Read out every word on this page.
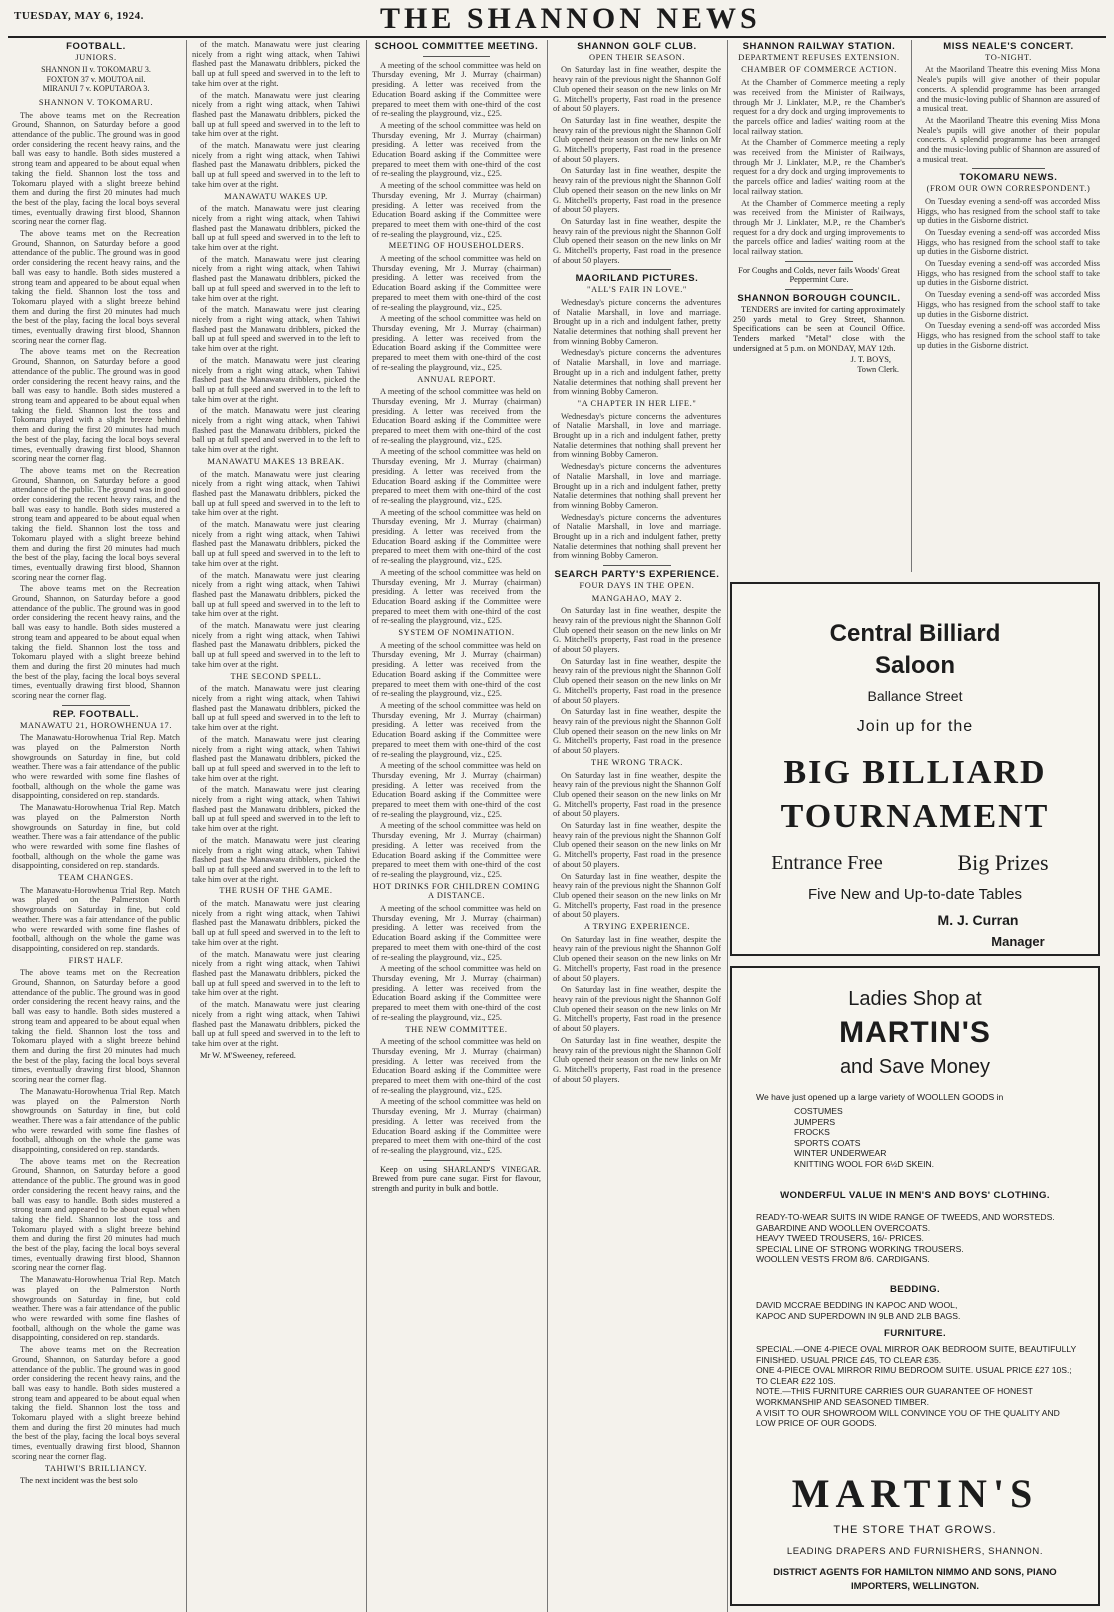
TUESDAY, MAY 6, 1924.	THE SHANNON NEWS
FOOTBALL.
JUNIORS.
SHANNON II v. TOKOMARU 3.
FOXTON 37 v. MOUTOA nil.
MIRANUI 7 v. KOPUTAROA 3.
SHANNON V. TOKOMARU.

The above teams met on the Recreation Ground, Shannon, on Saturday before a good attendance of the public. The ground was in good order considering the recent heavy rains, and the ball was easy to handle. Both sides mustered a strong team and appeared to be about equal when taking the field. Shannon lost the toss and Tokomaru played with a slight breeze behind them and during the first 20 minutes had much the best of the play, facing the local boys several times, eventually drawing first blood, Shannon scoring near the corner flag.

The above teams met on the Recreation Ground, Shannon, on Saturday before a good attendance of the public. The ground was in good order considering the recent heavy rains, and the ball was easy to handle. Both sides mustered a strong team and appeared to be about equal when taking the field. Shannon lost the toss and Tokomaru played with a slight breeze behind them and during the first 20 minutes had much the best of the play, facing the local boys several times, eventually drawing first blood, Shannon scoring near the corner flag.

The above teams met on the Recreation Ground, Shannon, on Saturday before a good attendance of the public. The ground was in good order considering the recent heavy rains, and the ball was easy to handle. Both sides mustered a strong team and appeared to be about equal when taking the field. Shannon lost the toss and Tokomaru played with a slight breeze behind them and during the first 20 minutes had much the best of the play, facing the local boys several times, eventually drawing first blood, Shannon scoring near the corner flag.

The above teams met on the Recreation Ground, Shannon, on Saturday before a good attendance of the public. The ground was in good order considering the recent heavy rains, and the ball was easy to handle. Both sides mustered a strong team and appeared to be about equal when taking the field. Shannon lost the toss and Tokomaru played with a slight breeze behind them and during the first 20 minutes had much the best of the play, facing the local boys several times, eventually drawing first blood, Shannon scoring near the corner flag.

The above teams met on the Recreation Ground, Shannon, on Saturday before a good attendance of the public. The ground was in good order considering the recent heavy rains, and the ball was easy to handle. Both sides mustered a strong team and appeared to be about equal when taking the field. Shannon lost the toss and Tokomaru played with a slight breeze behind them and during the first 20 minutes had much the best of the play, facing the local boys several times, eventually drawing first blood, Shannon scoring near the corner flag.

REP. FOOTBALL.
MANAWATU 21, HOROWHENUA 17.

The Manawatu-Horowhenua Trial Rep. Match was played on the Palmerston North showgrounds on Saturday in fine, but cold weather. There was a fair attendance of the public who were rewarded with some fine flashes of football, although on the whole the game was disappointing, considered on rep. standards.

The Manawatu-Horowhenua Trial Rep. Match was played on the Palmerston North showgrounds on Saturday in fine, but cold weather. There was a fair attendance of the public who were rewarded with some fine flashes of football, although on the whole the game was disappointing, considered on rep. standards.

TEAM CHANGES.

The Manawatu-Horowhenua Trial Rep. Match was played on the Palmerston North showgrounds on Saturday in fine, but cold weather. There was a fair attendance of the public who were rewarded with some fine flashes of football, although on the whole the game was disappointing, considered on rep. standards.

FIRST HALF.

The above teams met on the Recreation Ground, Shannon, on Saturday before a good attendance of the public. The ground was in good order considering the recent heavy rains, and the ball was easy to handle. Both sides mustered a strong team and appeared to be about equal when taking the field. Shannon lost the toss and Tokomaru played with a slight breeze behind them and during the first 20 minutes had much the best of the play, facing the local boys several times, eventually drawing first blood, Shannon scoring near the corner flag.

The Manawatu-Horowhenua Trial Rep. Match was played on the Palmerston North showgrounds on Saturday in fine, but cold weather. There was a fair attendance of the public who were rewarded with some fine flashes of football, although on the whole the game was disappointing, considered on rep. standards.

The above teams met on the Recreation Ground, Shannon, on Saturday before a good attendance of the public. The ground was in good order considering the recent heavy rains, and the ball was easy to handle. Both sides mustered a strong team and appeared to be about equal when taking the field. Shannon lost the toss and Tokomaru played with a slight breeze behind them and during the first 20 minutes had much the best of the play, facing the local boys several times, eventually drawing first blood, Shannon scoring near the corner flag.

The Manawatu-Horowhenua Trial Rep. Match was played on the Palmerston North showgrounds on Saturday in fine, but cold weather. There was a fair attendance of the public who were rewarded with some fine flashes of football, although on the whole the game was disappointing, considered on rep. standards.

The above teams met on the Recreation Ground, Shannon, on Saturday before a good attendance of the public. The ground was in good order considering the recent heavy rains, and the ball was easy to handle. Both sides mustered a strong team and appeared to be about equal when taking the field. Shannon lost the toss and Tokomaru played with a slight breeze behind them and during the first 20 minutes had much the best of the play, facing the local boys several times, eventually drawing first blood, Shannon scoring near the corner flag.

TAHIWI'S BRILLIANCY.

The next incident was the best solo

of the match. Manawatu were just clearing nicely from a right wing attack, when Tahiwi flashed past the Manawatu dribblers, picked the ball up at full speed and swerved in to the left to take him over at the right.

of the match. Manawatu were just clearing nicely from a right wing attack, when Tahiwi flashed past the Manawatu dribblers, picked the ball up at full speed and swerved in to the left to take him over at the right.

of the match. Manawatu were just clearing nicely from a right wing attack, when Tahiwi flashed past the Manawatu dribblers, picked the ball up at full speed and swerved in to the left to take him over at the right.

MANAWATU WAKES UP.

of the match. Manawatu were just clearing nicely from a right wing attack, when Tahiwi flashed past the Manawatu dribblers, picked the ball up at full speed and swerved in to the left to take him over at the right.

of the match. Manawatu were just clearing nicely from a right wing attack, when Tahiwi flashed past the Manawatu dribblers, picked the ball up at full speed and swerved in to the left to take him over at the right.

of the match. Manawatu were just clearing nicely from a right wing attack, when Tahiwi flashed past the Manawatu dribblers, picked the ball up at full speed and swerved in to the left to take him over at the right.

of the match. Manawatu were just clearing nicely from a right wing attack, when Tahiwi flashed past the Manawatu dribblers, picked the ball up at full speed and swerved in to the left to take him over at the right.

of the match. Manawatu were just clearing nicely from a right wing attack, when Tahiwi flashed past the Manawatu dribblers, picked the ball up at full speed and swerved in to the left to take him over at the right.

MANAWATU MAKES 13 BREAK.

of the match. Manawatu were just clearing nicely from a right wing attack, when Tahiwi flashed past the Manawatu dribblers, picked the ball up at full speed and swerved in to the left to take him over at the right.

of the match. Manawatu were just clearing nicely from a right wing attack, when Tahiwi flashed past the Manawatu dribblers, picked the ball up at full speed and swerved in to the left to take him over at the right.

of the match. Manawatu were just clearing nicely from a right wing attack, when Tahiwi flashed past the Manawatu dribblers, picked the ball up at full speed and swerved in to the left to take him over at the right.

of the match. Manawatu were just clearing nicely from a right wing attack, when Tahiwi flashed past the Manawatu dribblers, picked the ball up at full speed and swerved in to the left to take him over at the right.

THE SECOND SPELL.

of the match. Manawatu were just clearing nicely from a right wing attack, when Tahiwi flashed past the Manawatu dribblers, picked the ball up at full speed and swerved in to the left to take him over at the right.

of the match. Manawatu were just clearing nicely from a right wing attack, when Tahiwi flashed past the Manawatu dribblers, picked the ball up at full speed and swerved in to the left to take him over at the right.

of the match. Manawatu were just clearing nicely from a right wing attack, when Tahiwi flashed past the Manawatu dribblers, picked the ball up at full speed and swerved in to the left to take him over at the right.

of the match. Manawatu were just clearing nicely from a right wing attack, when Tahiwi flashed past the Manawatu dribblers, picked the ball up at full speed and swerved in to the left to take him over at the right.

THE RUSH OF THE GAME.

of the match. Manawatu were just clearing nicely from a right wing attack, when Tahiwi flashed past the Manawatu dribblers, picked the ball up at full speed and swerved in to the left to take him over at the right.

of the match. Manawatu were just clearing nicely from a right wing attack, when Tahiwi flashed past the Manawatu dribblers, picked the ball up at full speed and swerved in to the left to take him over at the right.

of the match. Manawatu were just clearing nicely from a right wing attack, when Tahiwi flashed past the Manawatu dribblers, picked the ball up at full speed and swerved in to the left to take him over at the right.

Mr W. M'Sweeney, refereed.

SCHOOL COMMITTEE MEETING.

A meeting of the school committee was held on Thursday evening, Mr J. Murray (chairman) presiding. A letter was received from the Education Board asking if the Committee were prepared to meet them with one-third of the cost of re-sealing the playground, viz., £25.

A meeting of the school committee was held on Thursday evening, Mr J. Murray (chairman) presiding. A letter was received from the Education Board asking if the Committee were prepared to meet them with one-third of the cost of re-sealing the playground, viz., £25.

A meeting of the school committee was held on Thursday evening, Mr J. Murray (chairman) presiding. A letter was received from the Education Board asking if the Committee were prepared to meet them with one-third of the cost of re-sealing the playground, viz., £25.

MEETING OF HOUSEHOLDERS.

A meeting of the school committee was held on Thursday evening, Mr J. Murray (chairman) presiding. A letter was received from the Education Board asking if the Committee were prepared to meet them with one-third of the cost of re-sealing the playground, viz., £25.

A meeting of the school committee was held on Thursday evening, Mr J. Murray (chairman) presiding. A letter was received from the Education Board asking if the Committee were prepared to meet them with one-third of the cost of re-sealing the playground, viz., £25.

ANNUAL REPORT.

A meeting of the school committee was held on Thursday evening, Mr J. Murray (chairman) presiding. A letter was received from the Education Board asking if the Committee were prepared to meet them with one-third of the cost of re-sealing the playground, viz., £25.

A meeting of the school committee was held on Thursday evening, Mr J. Murray (chairman) presiding. A letter was received from the Education Board asking if the Committee were prepared to meet them with one-third of the cost of re-sealing the playground, viz., £25.

A meeting of the school committee was held on Thursday evening, Mr J. Murray (chairman) presiding. A letter was received from the Education Board asking if the Committee were prepared to meet them with one-third of the cost of re-sealing the playground, viz., £25.

A meeting of the school committee was held on Thursday evening, Mr J. Murray (chairman) presiding. A letter was received from the Education Board asking if the Committee were prepared to meet them with one-third of the cost of re-sealing the playground, viz., £25.

SYSTEM OF NOMINATION.

A meeting of the school committee was held on Thursday evening, Mr J. Murray (chairman) presiding. A letter was received from the Education Board asking if the Committee were prepared to meet them with one-third of the cost of re-sealing the playground, viz., £25.

A meeting of the school committee was held on Thursday evening, Mr J. Murray (chairman) presiding. A letter was received from the Education Board asking if the Committee were prepared to meet them with one-third of the cost of re-sealing the playground, viz., £25.

A meeting of the school committee was held on Thursday evening, Mr J. Murray (chairman) presiding. A letter was received from the Education Board asking if the Committee were prepared to meet them with one-third of the cost of re-sealing the playground, viz., £25.

A meeting of the school committee was held on Thursday evening, Mr J. Murray (chairman) presiding. A letter was received from the Education Board asking if the Committee were prepared to meet them with one-third of the cost of re-sealing the playground, viz., £25.

HOT DRINKS FOR CHILDREN COMING A DISTANCE.

A meeting of the school committee was held on Thursday evening, Mr J. Murray (chairman) presiding. A letter was received from the Education Board asking if the Committee were prepared to meet them with one-third of the cost of re-sealing the playground, viz., £25.

A meeting of the school committee was held on Thursday evening, Mr J. Murray (chairman) presiding. A letter was received from the Education Board asking if the Committee were prepared to meet them with one-third of the cost of re-sealing the playground, viz., £25.

THE NEW COMMITTEE.

A meeting of the school committee was held on Thursday evening, Mr J. Murray (chairman) presiding. A letter was received from the Education Board asking if the Committee were prepared to meet them with one-third of the cost of re-sealing the playground, viz., £25.

A meeting of the school committee was held on Thursday evening, Mr J. Murray (chairman) presiding. A letter was received from the Education Board asking if the Committee were prepared to meet them with one-third of the cost of re-sealing the playground, viz., £25.

Keep on using SHARLAND'S VINEGAR. Brewed from pure cane sugar. First for flavour, strength and purity in bulk and bottle.

SHANNON GOLF CLUB.
OPEN THEIR SEASON.

On Saturday last in fine weather, despite the heavy rain of the previous night the Shannon Golf Club opened their season on the new links on Mr G. Mitchell's property, Fast road in the presence of about 50 players.

On Saturday last in fine weather, despite the heavy rain of the previous night the Shannon Golf Club opened their season on the new links on Mr G. Mitchell's property, Fast road in the presence of about 50 players.

On Saturday last in fine weather, despite the heavy rain of the previous night the Shannon Golf Club opened their season on the new links on Mr G. Mitchell's property, Fast road in the presence of about 50 players.

On Saturday last in fine weather, despite the heavy rain of the previous night the Shannon Golf Club opened their season on the new links on Mr G. Mitchell's property, Fast road in the presence of about 50 players.

MAORILAND PICTURES.
"ALL'S FAIR IN LOVE."

Wednesday's picture concerns the adventures of Natalie Marshall, in love and marriage. Brought up in a rich and indulgent father, pretty Natalie determines that nothing shall prevent her from winning Bobby Cameron.

Wednesday's picture concerns the adventures of Natalie Marshall, in love and marriage. Brought up in a rich and indulgent father, pretty Natalie determines that nothing shall prevent her from winning Bobby Cameron.

"A CHAPTER IN HER LIFE."

Wednesday's picture concerns the adventures of Natalie Marshall, in love and marriage. Brought up in a rich and indulgent father, pretty Natalie determines that nothing shall prevent her from winning Bobby Cameron.

Wednesday's picture concerns the adventures of Natalie Marshall, in love and marriage. Brought up in a rich and indulgent father, pretty Natalie determines that nothing shall prevent her from winning Bobby Cameron.

Wednesday's picture concerns the adventures of Natalie Marshall, in love and marriage. Brought up in a rich and indulgent father, pretty Natalie determines that nothing shall prevent her from winning Bobby Cameron.

SEARCH PARTY'S EXPERIENCE.
FOUR DAYS IN THE OPEN.
MANGAHAO, MAY 2.

On Saturday last in fine weather, despite the heavy rain of the previous night the Shannon Golf Club opened their season on the new links on Mr G. Mitchell's property, Fast road in the presence of about 50 players.

On Saturday last in fine weather, despite the heavy rain of the previous night the Shannon Golf Club opened their season on the new links on Mr G. Mitchell's property, Fast road in the presence of about 50 players.

On Saturday last in fine weather, despite the heavy rain of the previous night the Shannon Golf Club opened their season on the new links on Mr G. Mitchell's property, Fast road in the presence of about 50 players.

THE WRONG TRACK.

On Saturday last in fine weather, despite the heavy rain of the previous night the Shannon Golf Club opened their season on the new links on Mr G. Mitchell's property, Fast road in the presence of about 50 players.

On Saturday last in fine weather, despite the heavy rain of the previous night the Shannon Golf Club opened their season on the new links on Mr G. Mitchell's property, Fast road in the presence of about 50 players.

On Saturday last in fine weather, despite the heavy rain of the previous night the Shannon Golf Club opened their season on the new links on Mr G. Mitchell's property, Fast road in the presence of about 50 players.

A TRYING EXPERIENCE.

On Saturday last in fine weather, despite the heavy rain of the previous night the Shannon Golf Club opened their season on the new links on Mr G. Mitchell's property, Fast road in the presence of about 50 players.

On Saturday last in fine weather, despite the heavy rain of the previous night the Shannon Golf Club opened their season on the new links on Mr G. Mitchell's property, Fast road in the presence of about 50 players.

On Saturday last in fine weather, despite the heavy rain of the previous night the Shannon Golf Club opened their season on the new links on Mr G. Mitchell's property, Fast road in the presence of about 50 players.

SHANNON RAILWAY STATION.
DEPARTMENT REFUSES EXTENSION.
CHAMBER OF COMMERCE ACTION.

At the Chamber of Commerce meeting a reply was received from the Minister of Railways, through Mr J. Linklater, M.P., re the Chamber's request for a dry dock and urging improvements to the parcels office and ladies' waiting room at the local railway station.

At the Chamber of Commerce meeting a reply was received from the Minister of Railways, through Mr J. Linklater, M.P., re the Chamber's request for a dry dock and urging improvements to the parcels office and ladies' waiting room at the local railway station.

At the Chamber of Commerce meeting a reply was received from the Minister of Railways, through Mr J. Linklater, M.P., re the Chamber's request for a dry dock and urging improvements to the parcels office and ladies' waiting room at the local railway station.

For Coughs and Colds, never fails Woods' Great Peppermint Cure.

SHANNON BOROUGH COUNCIL.

TENDERS are invited for carting approximately 250 yards metal to Grey Street, Shannon. Specifications can be seen at Council Office. Tenders marked "Metal" close with the undersigned at 5 p.m. on MONDAY, MAY 12th.

J. T. BOYS,
Town Clerk.
MISS NEALE'S CONCERT.
TO-NIGHT.

At the Maoriland Theatre this evening Miss Mona Neale's pupils will give another of their popular concerts. A splendid programme has been arranged and the music-loving public of Shannon are assured of a musical treat.

At the Maoriland Theatre this evening Miss Mona Neale's pupils will give another of their popular concerts. A splendid programme has been arranged and the music-loving public of Shannon are assured of a musical treat.

TOKOMARU NEWS.
(FROM OUR OWN CORRESPONDENT.)

On Tuesday evening a send-off was accorded Miss Higgs, who has resigned from the school staff to take up duties in the Gisborne district.

On Tuesday evening a send-off was accorded Miss Higgs, who has resigned from the school staff to take up duties in the Gisborne district.

On Tuesday evening a send-off was accorded Miss Higgs, who has resigned from the school staff to take up duties in the Gisborne district.

On Tuesday evening a send-off was accorded Miss Higgs, who has resigned from the school staff to take up duties in the Gisborne district.

On Tuesday evening a send-off was accorded Miss Higgs, who has resigned from the school staff to take up duties in the Gisborne district.

Central Billiard
Saloon
Ballance Street
Join up for the
BIG BILLIARD
TOURNAMENT
Entrance Free	Big Prizes
Five New and Up-to-date Tables
M. J. Curran
Manager
Ladies Shop at
MARTIN'S
and Save Money
We have just opened up a large variety of WOOLLEN GOODS in
COSTUMES
JUMPERS
FROCKS
SPORTS COATS
WINTER UNDERWEAR
KNITTING WOOL FOR 6½D SKEIN.
WONDERFUL VALUE IN MEN'S AND BOYS' CLOTHING.
READY-TO-WEAR SUITS IN WIDE RANGE OF TWEEDS, AND WORSTEDS.
GABARDINE AND WOOLLEN OVERCOATS.
HEAVY TWEED TROUSERS, 16/- PRICES.
SPECIAL LINE OF STRONG WORKING TROUSERS.
WOOLLEN VESTS FROM 8/6. CARDIGANS.
BEDDING.
DAVID MCCRAE BEDDING IN KAPOC AND WOOL,
KAPOC AND SUPERDOWN IN 9LB AND 2LB BAGS.
FURNITURE.
SPECIAL.—ONE 4-PIECE OVAL MIRROR OAK BEDROOM SUITE, BEAUTIFULLY FINISHED. USUAL PRICE £45, TO CLEAR £35.
ONE 4-PIECE OVAL MIRROR RIMU BEDROOM SUITE. USUAL PRICE £27 10S.; TO CLEAR £22 10S.
NOTE.—THIS FURNITURE CARRIES OUR GUARANTEE OF HONEST WORKMANSHIP AND SEASONED TIMBER.
A VISIT TO OUR SHOWROOM WILL CONVINCE YOU OF THE QUALITY AND LOW PRICE OF OUR GOODS.
MARTIN'S
THE STORE THAT GROWS.
LEADING DRAPERS AND FURNISHERS, SHANNON.
DISTRICT AGENTS FOR HAMILTON NIMMO AND SONS, PIANO IMPORTERS, WELLINGTON.
